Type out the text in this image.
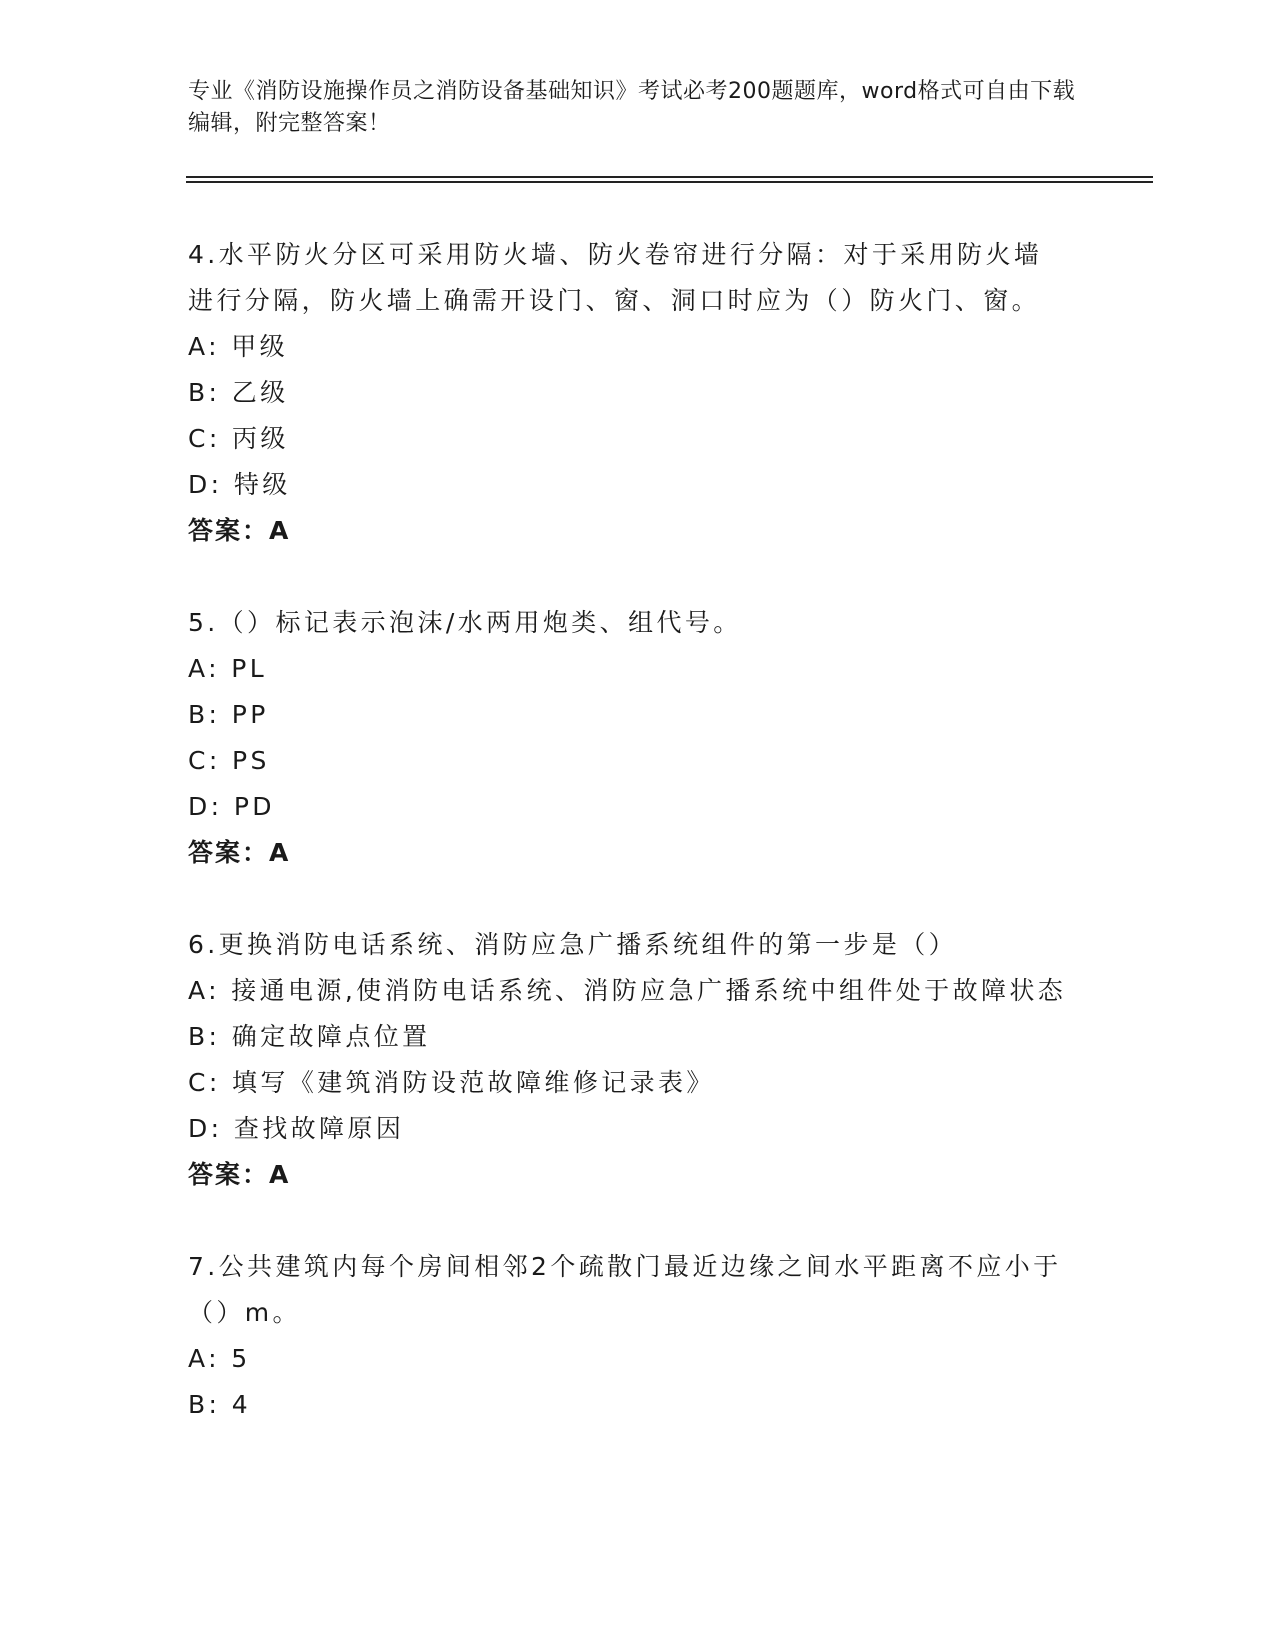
专业《消防设施操作员之消防设备基础知识》考试必考200题题库，word格式可自由下载编辑，附完整答案！
4.水平防火分区可采用防火墙、防火卷帘进行分隔：对于采用防火墙进行分隔，防火墙上确需开设门、窗、洞口时应为（）防火门、窗。
A: 甲级
B: 乙级
C: 丙级
D: 特级
答案：A
5.（）标记表示泡沫/水两用炮类、组代号。
A: PL
B: PP
C: PS
D: PD
答案：A
6.更换消防电话系统、消防应急广播系统组件的第一步是（）
A: 接通电源,使消防电话系统、消防应急广播系统中组件处于故障状态
B: 确定故障点位置
C: 填写《建筑消防设范故障维修记录表》
D: 查找故障原因
答案：A
7.公共建筑内每个房间相邻2个疏散门最近边缘之间水平距离不应小于（）m。
A: 5
B: 4
